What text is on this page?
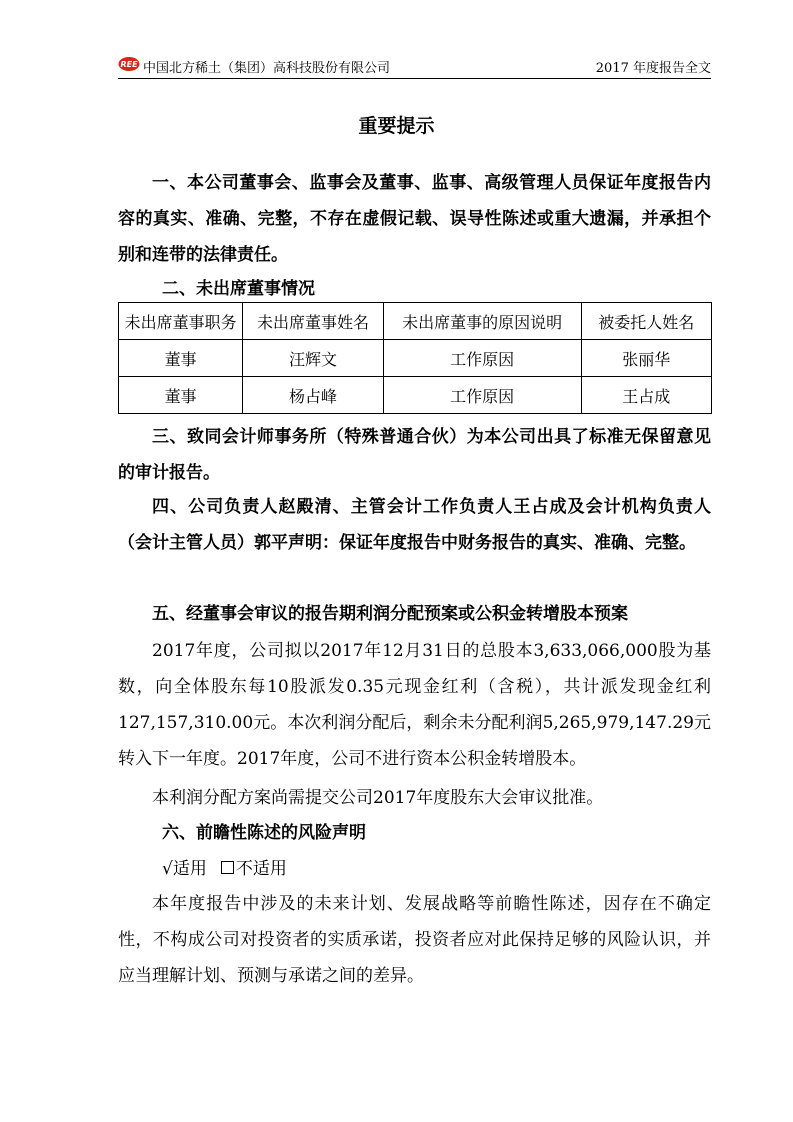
REE 中国北方稀土（集团）高科技股份有限公司	2017 年度报告全文
重要提示

一、本公司董事会、监事会及董事、监事、高级管理人员保证年度报告内容的真实、准确、完整，不存在虚假记载、误导性陈述或重大遗漏，并承担个别和连带的法律责任。

二、未出席董事情况

未出席董事职务	未出席董事姓名	未出席董事的原因说明	被委托人姓名
董事	汪辉文	工作原因	张丽华
董事	杨占峰	工作原因	王占成

三、致同会计师事务所（特殊普通合伙）为本公司出具了标准无保留意见的审计报告。

四、公司负责人赵殿清、主管会计工作负责人王占成及会计机构负责人（会计主管人员）郭平声明：保证年度报告中财务报告的真实、准确、完整。

五、经董事会审议的报告期利润分配预案或公积金转增股本预案

2017年度，公司拟以2017年12月31日的总股本3,633,066,000股为基数，向全体股东每10股派发0.35元现金红利（含税），共计派发现金红利127,157,310.00元。本次利润分配后，剩余未分配利润5,265,979,147.29元转入下一年度。2017年度，公司不进行资本公积金转增股本。

本利润分配方案尚需提交公司2017年度股东大会审议批准。

六、前瞻性陈述的风险声明

√适用 不适用

本年度报告中涉及的未来计划、发展战略等前瞻性陈述，因存在不确定性，不构成公司对投资者的实质承诺，投资者应对此保持足够的风险认识，并应当理解计划、预测与承诺之间的差异。
